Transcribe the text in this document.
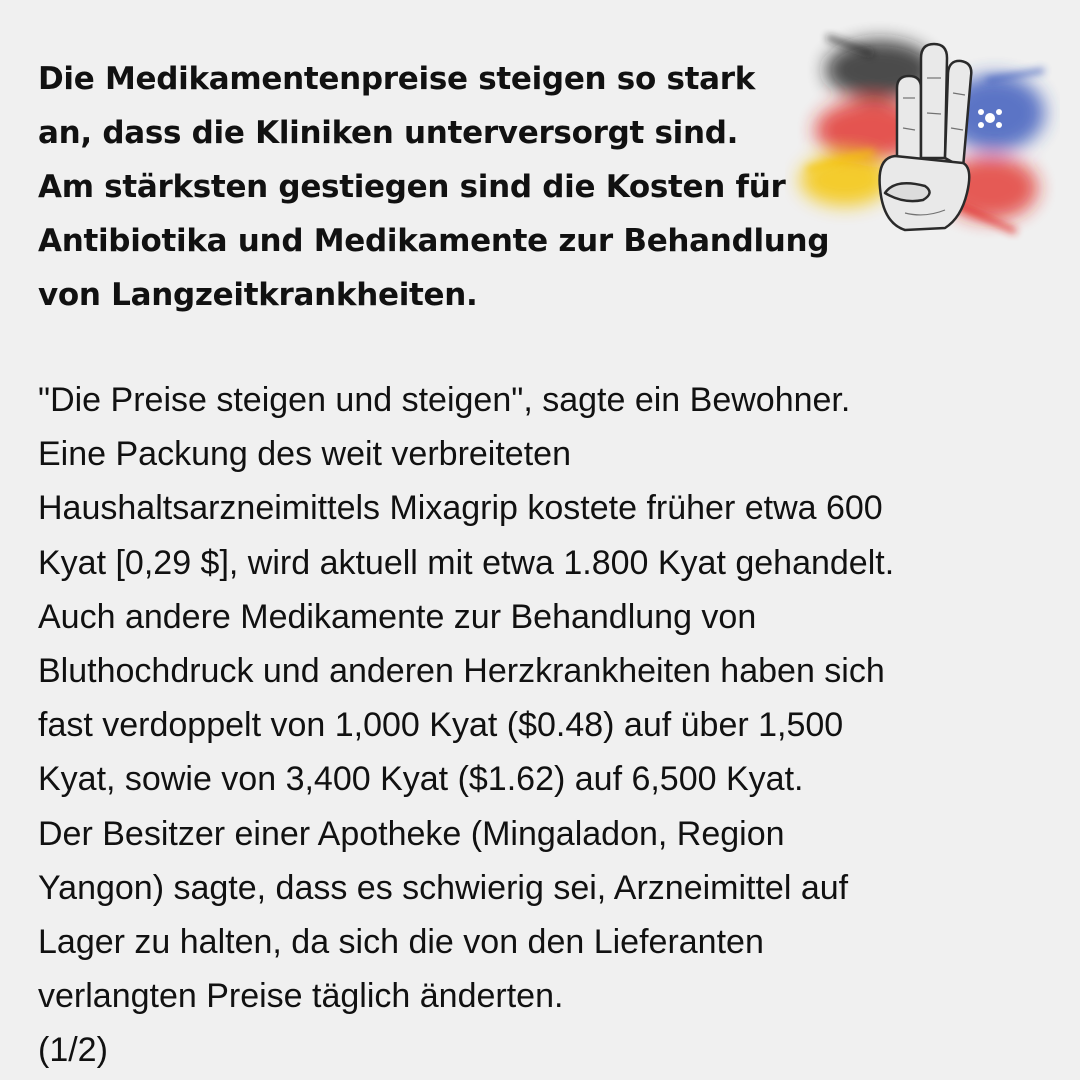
Die Medikamentenpreise steigen so stark
an, dass die Kliniken unterversorgt sind.
Am stärksten gestiegen sind die Kosten für
Antibiotika und Medikamente zur Behandlung
von Langzeitkrankheiten.
"Die Preise steigen und steigen", sagte ein Bewohner.
Eine Packung des weit verbreiteten
Haushaltsarzneimittels Mixagrip kostete früher etwa 600
Kyat [0,29 $], wird aktuell mit etwa 1.800 Kyat gehandelt.
Auch andere Medikamente zur Behandlung von
Bluthochdruck und anderen Herzkrankheiten haben sich
fast verdoppelt von 1,000 Kyat ($0.48) auf über 1,500
Kyat, sowie von 3,400 Kyat ($1.62) auf 6,500 Kyat.
Der Besitzer einer Apotheke (Mingaladon, Region
Yangon) sagte, dass es schwierig sei, Arzneimittel auf
Lager zu halten, da sich die von den Lieferanten
verlangten Preise täglich änderten.
(1/2)
